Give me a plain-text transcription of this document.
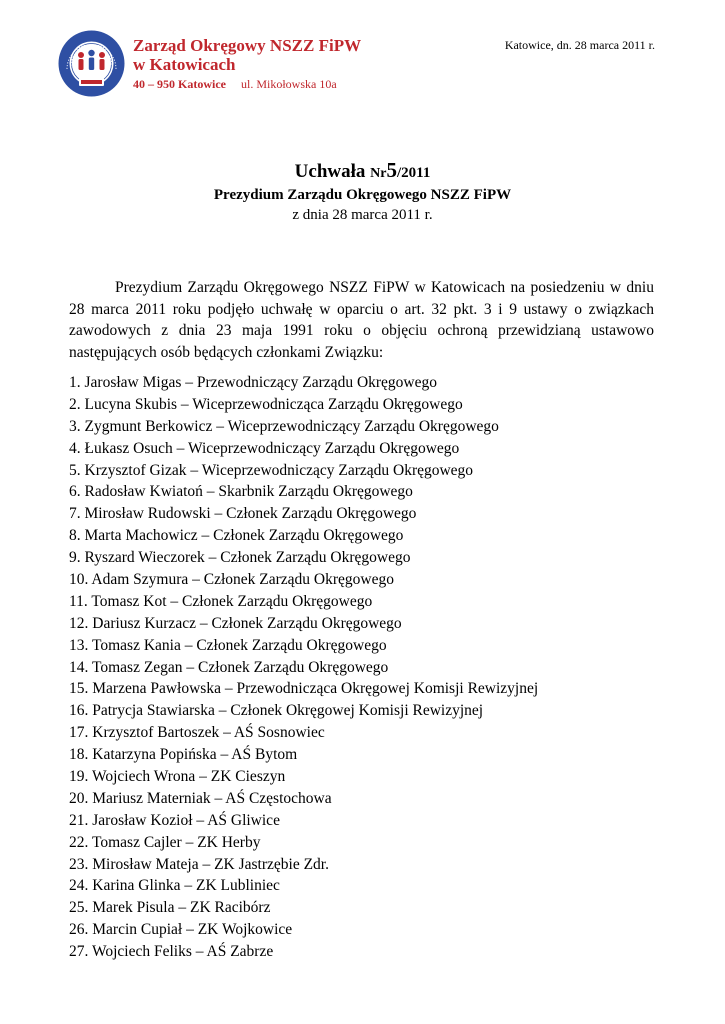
Zarząd Okręgowy NSZZ FiPW
w Katowicach
40 – 950 Katowice ul. Mikołowska 10a
Katowice, dn. 28 marca 2011 r.
Uchwała Nr5/2011
Prezydium Zarządu Okręgowego NSZZ FiPW
z dnia 28 marca 2011 r.

Prezydium Zarządu Okręgowego NSZZ FiPW w Katowicach na posiedzeniu w dniu 28 marca 2011 roku podjęło uchwałę w oparciu o art. 32 pkt. 3 i 9 ustawy o związkach zawodowych z dnia 23 maja 1991 roku o objęciu ochroną przewidzianą ustawowo następujących osób będących członkami Związku:

1. Jarosław Migas – Przewodniczący Zarządu Okręgowego
2. Lucyna Skubis – Wiceprzewodnicząca Zarządu Okręgowego
3. Zygmunt Berkowicz – Wiceprzewodniczący Zarządu Okręgowego
4. Łukasz Osuch – Wiceprzewodniczący Zarządu Okręgowego
5. Krzysztof Gizak – Wiceprzewodniczący Zarządu Okręgowego
6. Radosław Kwiatoń – Skarbnik Zarządu Okręgowego
7. Mirosław Rudowski – Członek Zarządu Okręgowego
8. Marta Machowicz – Członek Zarządu Okręgowego
9. Ryszard Wieczorek – Członek Zarządu Okręgowego
10. Adam Szymura – Członek Zarządu Okręgowego
11. Tomasz Kot – Członek Zarządu Okręgowego
12. Dariusz Kurzacz – Członek Zarządu Okręgowego
13. Tomasz Kania – Członek Zarządu Okręgowego
14. Tomasz Zegan – Członek Zarządu Okręgowego
15. Marzena Pawłowska – Przewodnicząca Okręgowej Komisji Rewizyjnej
16. Patrycja Stawiarska – Członek Okręgowej Komisji Rewizyjnej
17. Krzysztof Bartoszek – AŚ Sosnowiec
18. Katarzyna Popińska – AŚ Bytom
19. Wojciech Wrona – ZK Cieszyn
20. Mariusz Materniak – AŚ Częstochowa
21. Jarosław Kozioł – AŚ Gliwice
22. Tomasz Cajler – ZK Herby
23. Mirosław Mateja – ZK Jastrzębie Zdr.
24. Karina Glinka – ZK Lubliniec
25. Marek Pisula – ZK Racibórz
26. Marcin Cupiał – ZK Wojkowice
27. Wojciech Feliks – AŚ Zabrze
